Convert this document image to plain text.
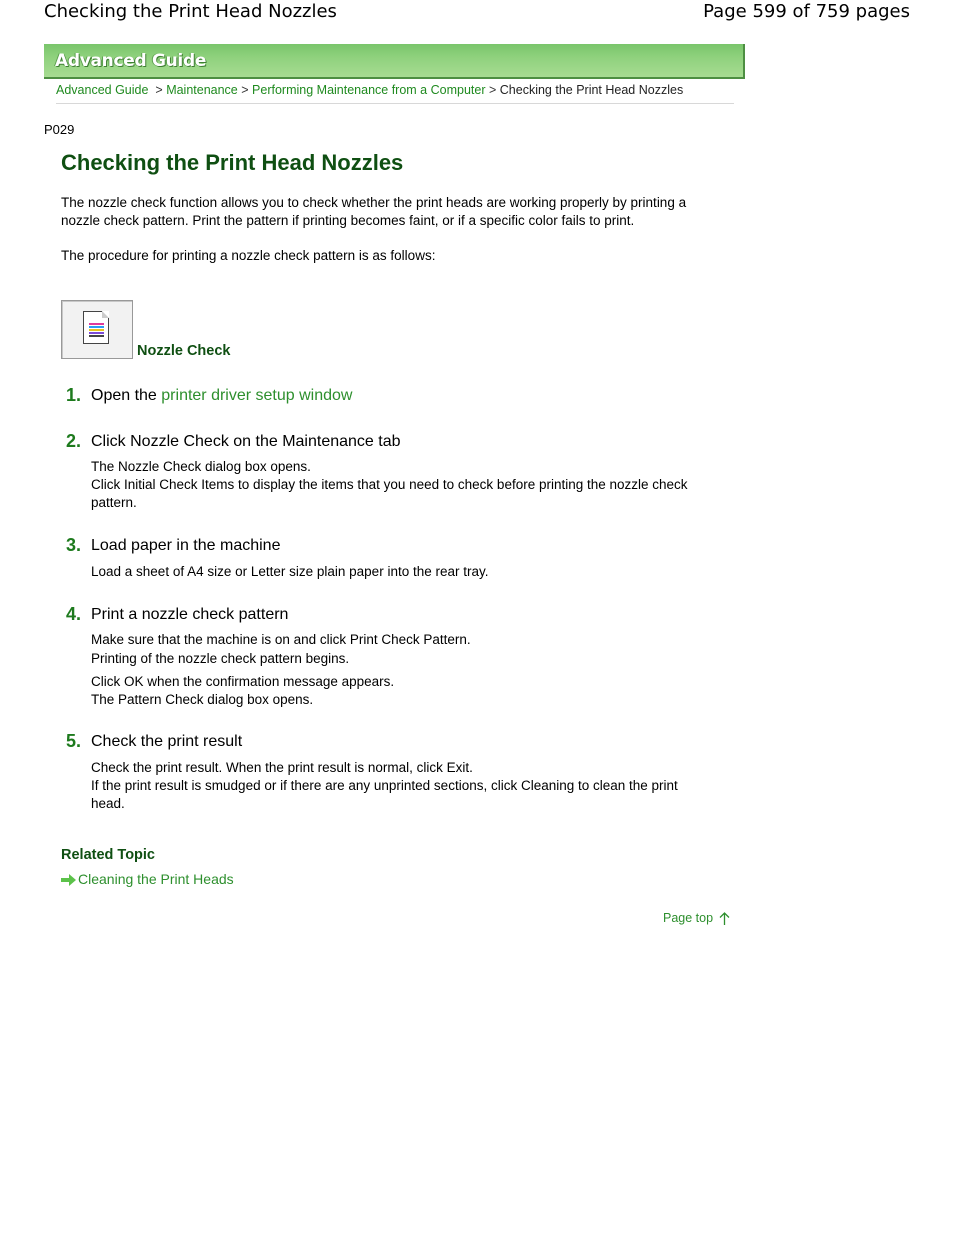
Checking the Print Head Nozzles	Page 599 of 759 pages
Advanced Guide
Advanced Guide > Maintenance > Performing Maintenance from a Computer > Checking the Print Head Nozzles
P029
Checking the Print Head Nozzles
The nozzle check function allows you to check whether the print heads are working properly by printing a
nozzle check pattern. Print the pattern if printing becomes faint, or if a specific color fails to print.
The procedure for printing a nozzle check pattern is as follows:
Nozzle Check
1. Open the printer driver setup window
2. Click Nozzle Check on the Maintenance tab
The Nozzle Check dialog box opens.
Click Initial Check Items to display the items that you need to check before printing the nozzle check
pattern.
3. Load paper in the machine
Load a sheet of A4 size or Letter size plain paper into the rear tray.
4. Print a nozzle check pattern
Make sure that the machine is on and click Print Check Pattern.
Printing of the nozzle check pattern begins.
Click OK when the confirmation message appears.
The Pattern Check dialog box opens.
5. Check the print result
Check the print result. When the print result is normal, click Exit.
If the print result is smudged or if there are any unprinted sections, click Cleaning to clean the print
head.
Related Topic
Cleaning the Print Heads
Page top
